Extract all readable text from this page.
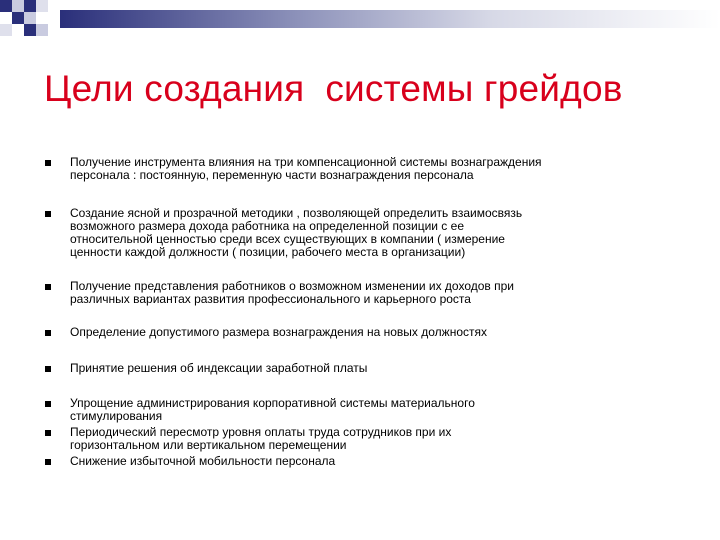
Цели создания  системы грейдов

Получение инструмента влияния на три компенсационной системы вознаграждения
персонала : постоянную, переменную части вознаграждения персонала

Создание ясной и прозрачной методики , позволяющей определить взаимосвязь
возможного размера дохода работника на определенной позиции с ее
относительной ценностью среди всех существующих в компании ( измерение
ценности каждой должности ( позиции, рабочего места в организации)

Получение представления работников о возможном изменении их доходов при
различных вариантах развития профессионального и карьерного роста

Определение допустимого размера вознаграждения на новых должностях

Принятие решения об индексации заработной платы

Упрощение администрирования корпоративной системы материального
стимулирования

Периодический пересмотр уровня оплаты труда сотрудников при их
горизонтальном или вертикальном перемещении

Снижение избыточной мобильности персонала
